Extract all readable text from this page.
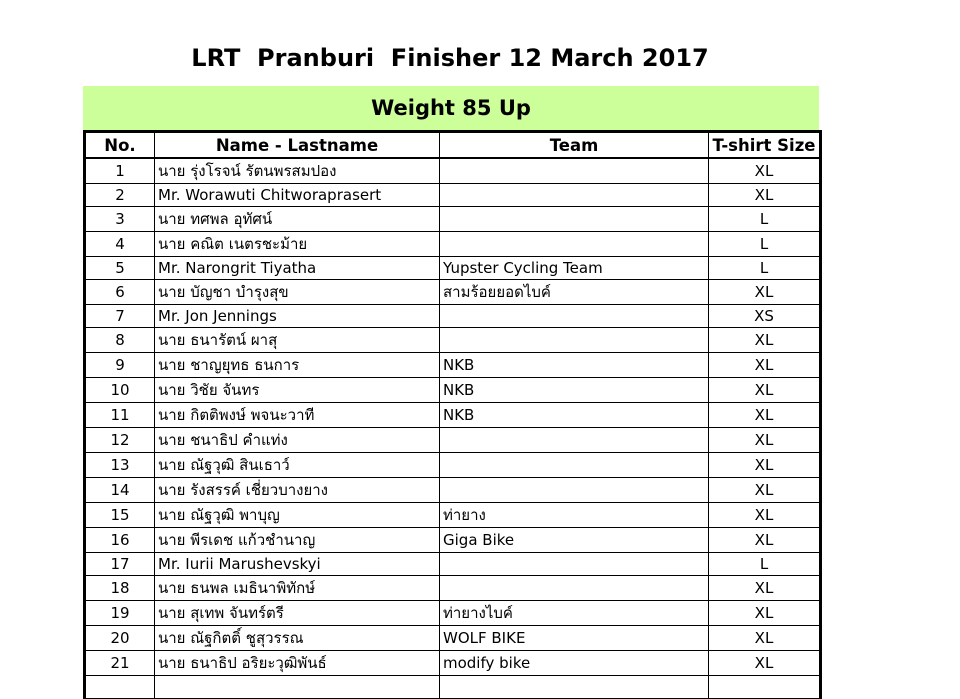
LRT  Pranburi  Finisher 12 March 2017
Weight 85 Up
No.	Name - Lastname	Team	T-shirt Size
1	นาย รุ่งโรจน์ รัตนพรสมปอง		XL
2	Mr. Worawuti Chitworaprasert		XL
3	นาย ทศพล อุทัศน์		L
4	นาย คณิต เนตรชะม้าย		L
5	Mr. Narongrit Tiyatha	Yupster Cycling Team	L
6	นาย บัญชา บำรุงสุข	สามร้อยยอดไบค์	XL
7	Mr. Jon Jennings		XS
8	นาย ธนารัตน์ ผาสุ		XL
9	นาย ชาญยุทธ ธนการ	NKB	XL
10	นาย วิชัย จันทร	NKB	XL
11	นาย กิตติพงษ์ พจนะวาที	NKB	XL
12	นาย ชนาธิป คำแท่ง		XL
13	นาย ณัฐวุฒิ สินเธาว์		XL
14	นาย รังสรรค์ เชี่ยวบางยาง		XL
15	นาย ณัฐวุฒิ พาบุญ	ท่ายาง	XL
16	นาย พีรเดช แก้วชำนาญ	Giga Bike	XL
17	Mr. Iurii Marushevskyi		L
18	นาย ธนพล เมธินาพิทักษ์		XL
19	นาย สุเทพ จันทร์ตรี	ท่ายางไบค์	XL
20	นาย ณัฐกิตติ์ ชูสุวรรณ	WOLF BIKE	XL
21	นาย ธนาธิป อริยะวุฒิพันธ์	modify bike	XL
